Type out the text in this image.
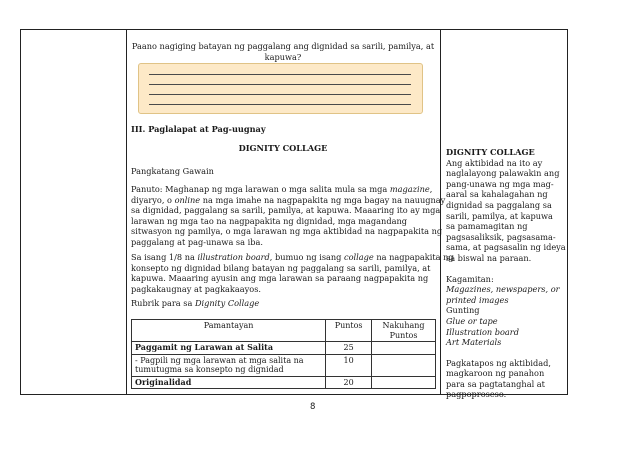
Paano nagiging batayan ng paggalang ang dignidad sa sarili, pamilya, at
kapuwa?
III. Paglalapat at Pag-uugnay
DIGNITY COLLAGE
Pangkatang Gawain
Panuto: Maghanap ng mga larawan o mga salita mula sa mga magazine,
diyaryo, o online na mga imahe na nagpapakita ng mga bagay na nauugnay
sa dignidad, paggalang sa sarili, pamilya, at kapuwa. Maaaring ito ay mga
larawan ng mga tao na nagpapakita ng dignidad, mga magandang
sitwasyon ng pamilya, o mga larawan ng mga aktibidad na nagpapakita ng
paggalang at pag-unawa sa iba.
Sa isang 1/8 na illustration board, bumuo ng isang collage na nagpapakita ng
konsepto ng dignidad bilang batayan ng paggalang sa sarili, pamilya, at
kapuwa. Maaaring ayusin ang mga larawan sa paraang nagpapakita ng
pagkakaugnay at pagkakaayos.
Rubrik para sa Dignity Collage
Pamantayan	Puntos	Nakuhang Puntos
Paggamit ng Larawan at Salita	25	
- Pagpili ng mga larawan at mga salita na tumutugma sa konsepto ng dignidad	10	
Originalidad	20	
DIGNITY COLLAGE
Ang aktibidad na ito ay
naglalayong palawakin ang
pang-unawa ng mga mag-
aaral sa kahalagahan ng
dignidad sa paggalang sa
sarili, pamilya, at kapuwa
sa pamamagitan ng
pagsasaliksik, pagsasama-
sama, at pagsasalin ng ideya
sa biswal na paraan.
Kagamitan:
Magazines, newspapers, or
printed images
Gunting
Glue or tape
Illustration board
Art Materials
Pagkatapos ng aktibidad,
magkaroon ng panahon
para sa pagtatanghal at
pagpoproseso.
8
